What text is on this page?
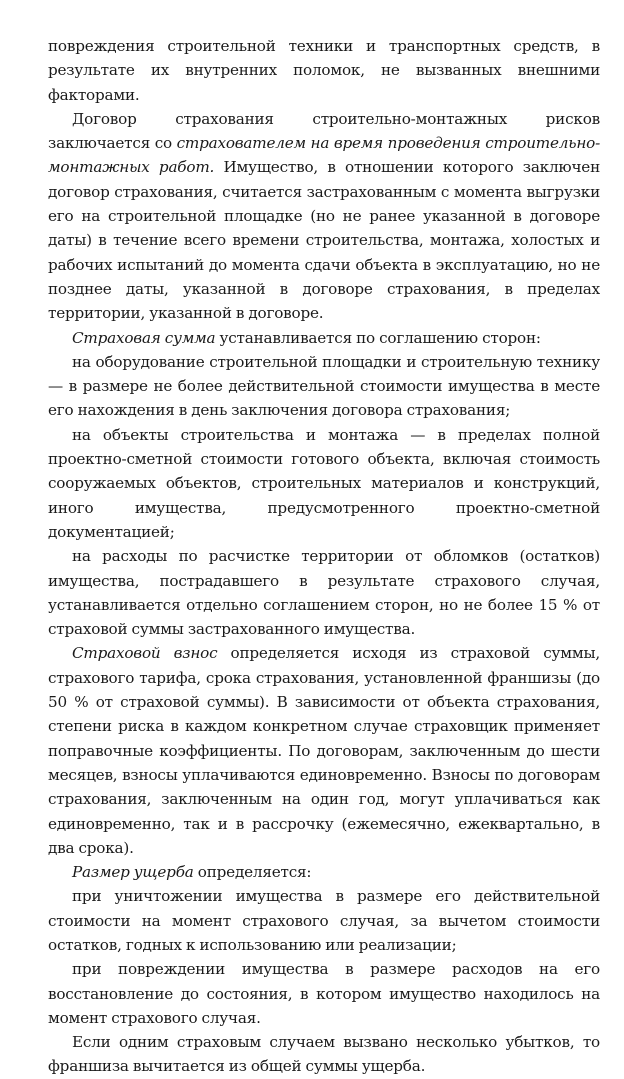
повреждения строительной техники и транспортных средств, в результате их внутренних поломок, не вызванных внешними факторами.

Договор страхования строительно-монтажных рисков заключается со страхователем на время проведения строительно-монтажных работ. Имущество, в отношении которого заключен договор страхования, считается застрахованным с момента выгрузки его на строительной площадке (но не ранее указанной в договоре даты) в течение всего времени строительства, монтажа, холостых и рабочих испытаний до момента сдачи объекта в эксплуатацию, но не позднее даты, указанной в договоре страхования, в пределах территории, указанной в договоре.

Страховая сумма устанавливается по соглашению сторон:

на оборудование строительной площадки и строительную технику — в размере не более действительной стоимости имущества в месте его нахождения в день заключения договора страхования;

на объекты строительства и монтажа — в пределах полной проектно-сметной стоимости готового объекта, включая стоимость сооружаемых объектов, строительных материалов и конструкций, иного имущества, предусмотренного проектно-сметной документацией;

на расходы по расчистке территории от обломков (остатков) имущества, пострадавшего в результате страхового случая, устанавливается отдельно соглашением сторон, но не более 15 % от страховой суммы застрахованного имущества.

Страховой взнос определяется исходя из страховой суммы, страхового тарифа, срока страхования, установленной франшизы (до 50 % от страховой суммы). В зависимости от объекта страхования, степени риска в каждом конкретном случае страховщик применяет поправочные коэффициенты. По договорам, заключенным до шести месяцев, взносы уплачиваются единовременно. Взносы по договорам страхования, заключенным на один год, могут уплачиваться как единовременно, так и в рассрочку (ежемесячно, ежеквартально, в два срока).

Размер ущерба определяется:

при уничтожении имущества в размере его действительной стоимости на момент страхового случая, за вычетом стоимости остатков, годных к использованию или реализации;

при повреждении имущества в размере расходов на его восстановление до состояния, в котором имущество находилось на момент страхового случая.

Если одним страховым случаем вызвано несколько убытков, то франшиза вычитается из общей суммы ущерба.
